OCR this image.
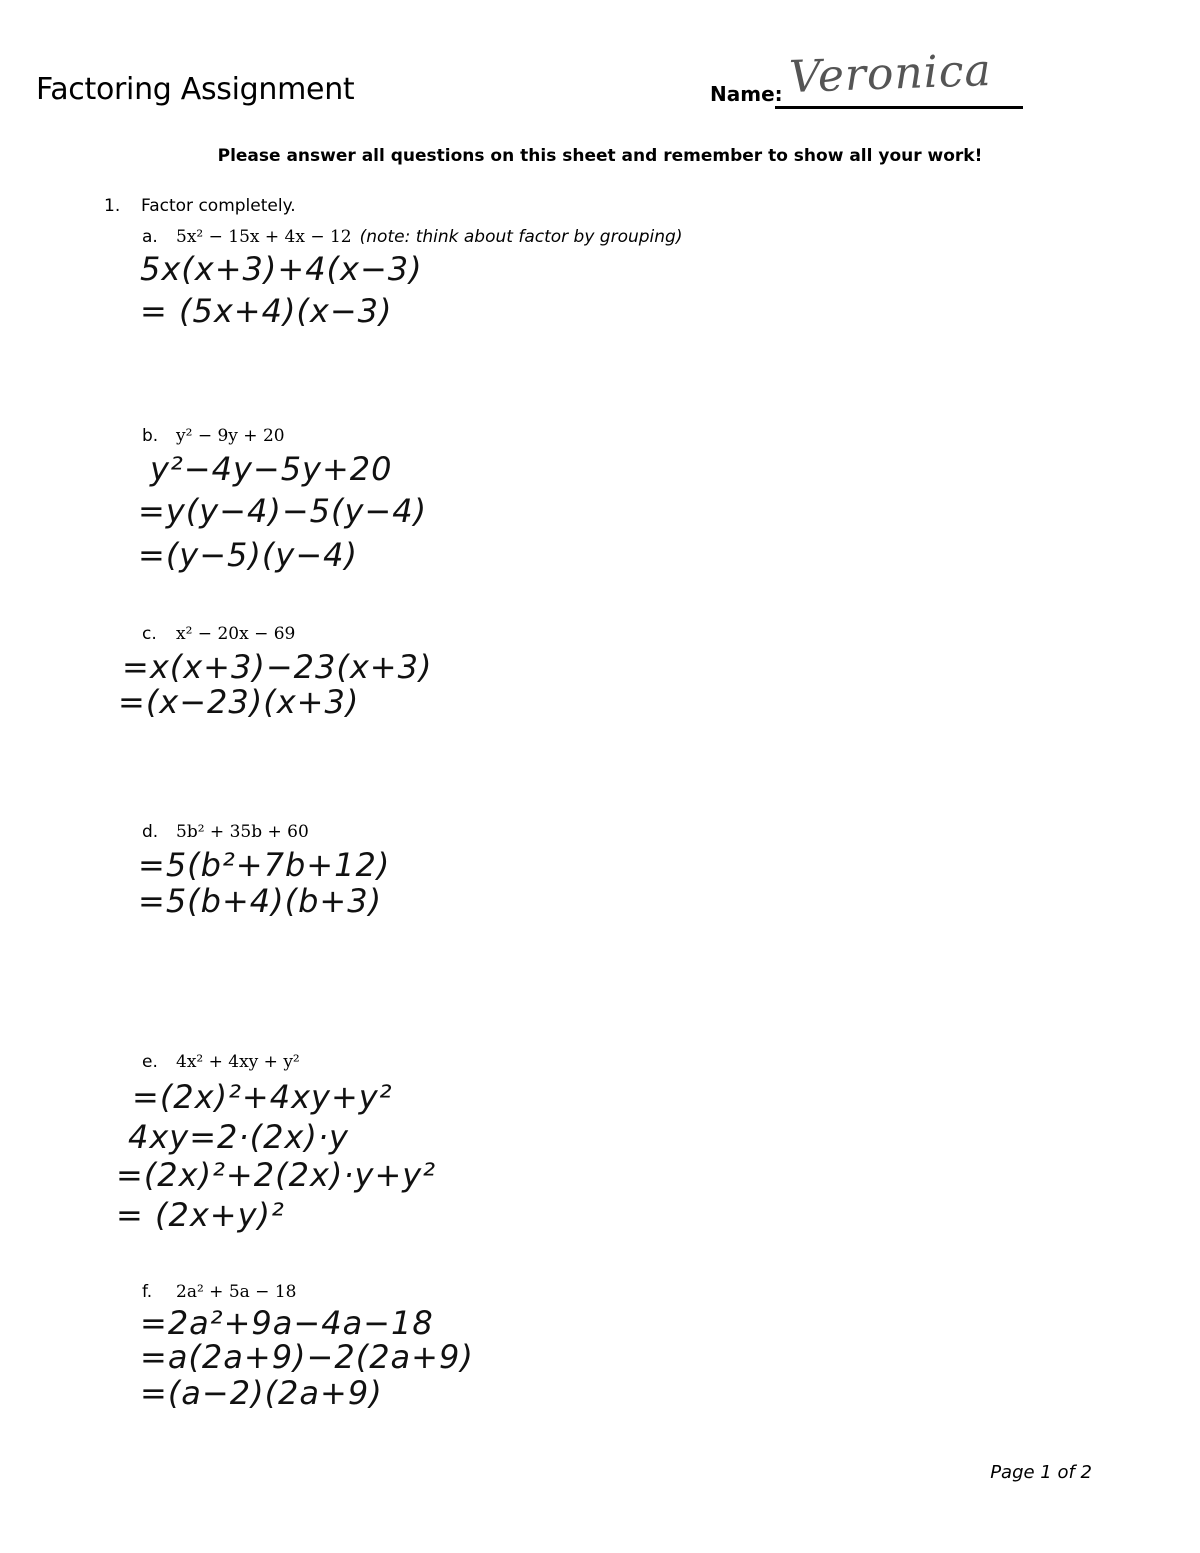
Factoring Assignment	Name: Veronica
Please answer all questions on this sheet and remember to show all your work!
1. Factor completely.
a. 5x² − 15x + 4x − 12 (note: think about factor by grouping)
5x(x+3)+4(x−3)
= (5x+4)(x−3)
b. y² − 9y + 20
y²−4y−5y+20
=y(y−4)−5(y−4)
=(y−5)(y−4)
c. x² − 20x − 69
=x(x+3)−23(x+3)
=(x−23)(x+3)
d. 5b² + 35b + 60
=5(b²+7b+12)
=5(b+4)(b+3)
e. 4x² + 4xy + y²
=(2x)²+4xy+y²
4xy=2·(2x)·y
=(2x)²+2(2x)·y+y²
= (2x+y)²
f. 2a² + 5a − 18
=2a²+9a−4a−18
=a(2a+9)−2(2a+9)
=(a−2)(2a+9)
Page 1 of 2
